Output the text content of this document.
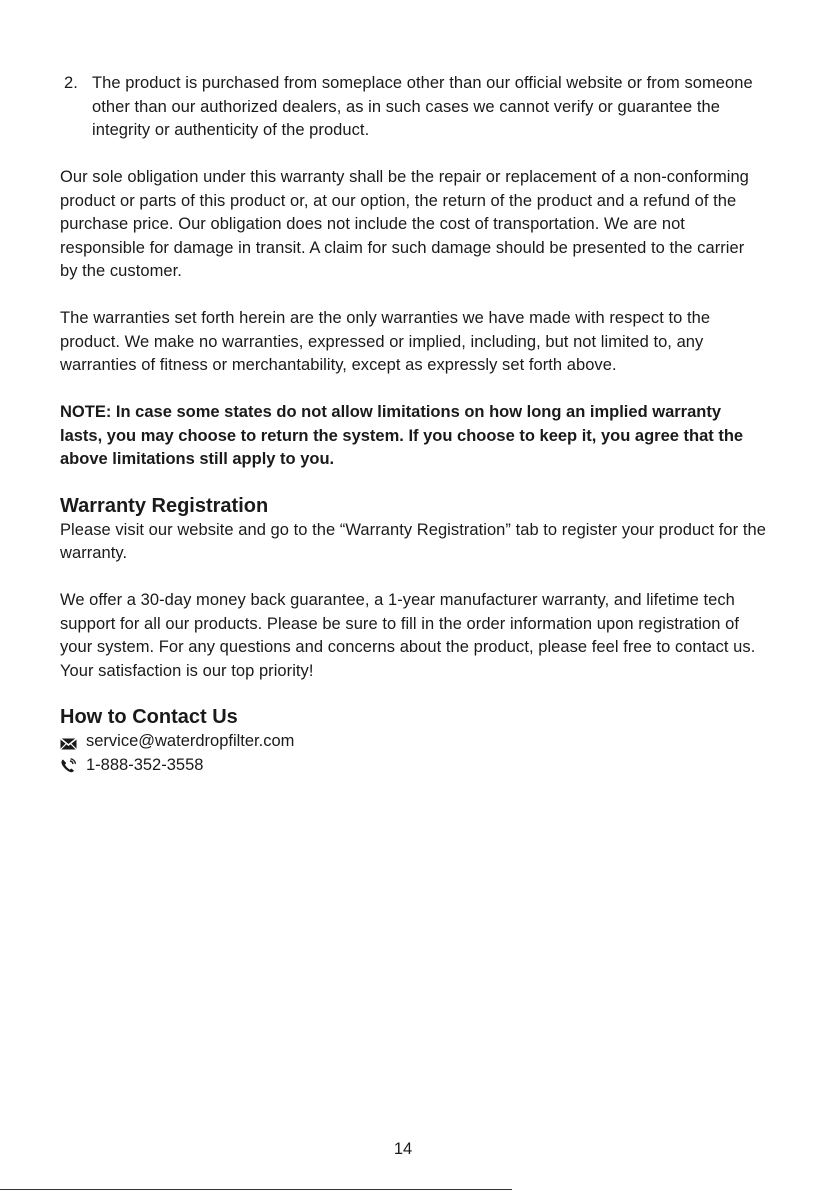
2. The product is purchased from someplace other than our official website or from someone other than our authorized dealers, as in such cases we cannot verify or guarantee the integrity or authenticity of the product.

Our sole obligation under this warranty shall be the repair or replacement of a non-conforming product or parts of this product or, at our option, the return of the product and a refund of the purchase price. Our obligation does not include the cost of transportation. We are not responsible for damage in transit. A claim for such damage should be presented to the carrier by the customer.

The warranties set forth herein are the only warranties we have made with respect to the product. We make no warranties, expressed or implied, including, but not limited to, any warranties of fitness or merchantability, except as expressly set forth above.

NOTE: In case some states do not allow limitations on how long an implied warranty lasts, you may choose to return the system. If you choose to keep it, you agree that the above limitations still apply to you.

Warranty Registration

Please visit our website and go to the “Warranty Registration” tab to register your product for the warranty.

We offer a 30-day money back guarantee, a 1-year manufacturer warranty, and lifetime tech support for all our products. Please be sure to fill in the order information upon registration of your system. For any questions and concerns about the product, please feel free to contact us. Your satisfaction is our top priority!

How to Contact Us
service@waterdropfilter.com
1-888-352-3558
14
